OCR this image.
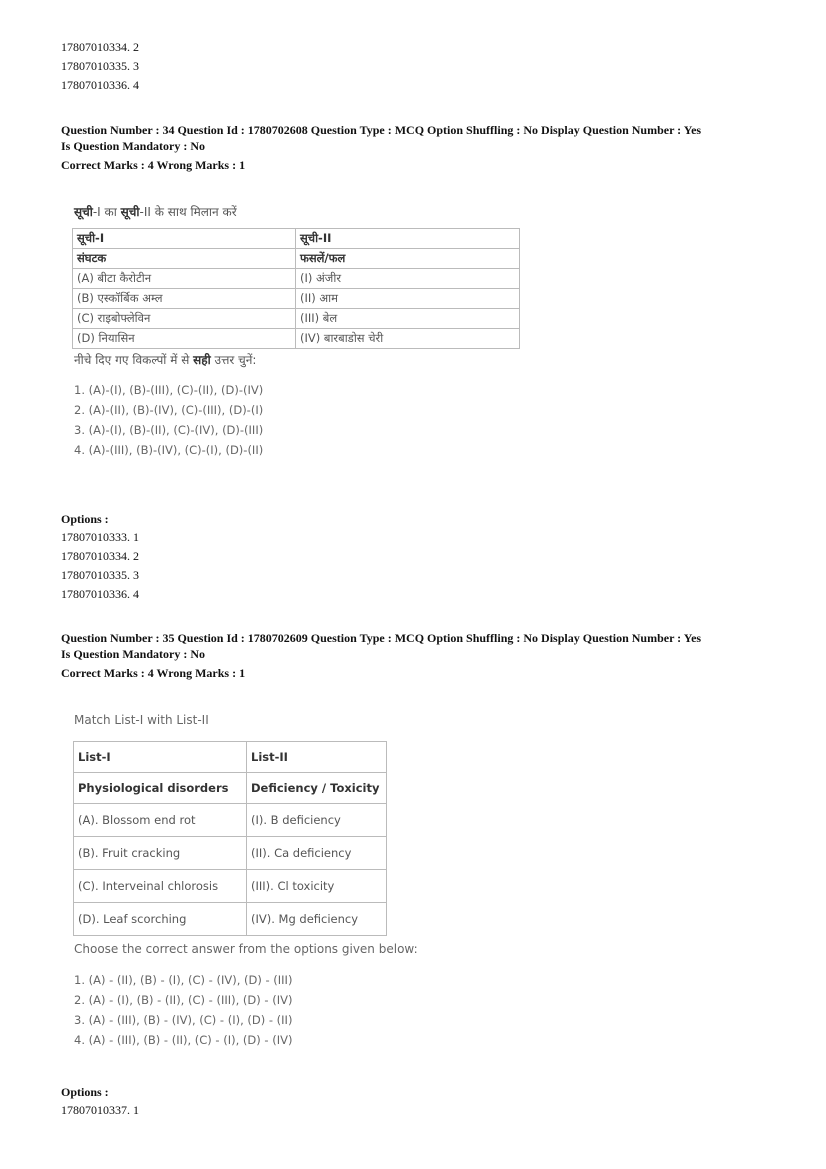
17807010334. 2
17807010335. 3
17807010336. 4
Question Number : 34 Question Id : 1780702608 Question Type : MCQ Option Shuffling : No Display Question Number : Yes
Is Question Mandatory : No
Correct Marks : 4 Wrong Marks : 1
सूची-I का सूची-II के साथ मिलान करें
सूची-I	सूची-II
संघटक	फसलें/फल
(A) बीटा कैरोटीन	(I) अंजीर
(B) एस्कॉर्बिक अम्ल	(II) आम
(C) राइबोफ्लेविन	(III) बेल
(D) नियासिन	(IV) बारबाडोस चेरी
नीचे दिए गए विकल्पों में से सही उत्तर चुनें:
1. (A)-(I), (B)-(III), (C)-(II), (D)-(IV)
2. (A)-(II), (B)-(IV), (C)-(III), (D)-(I)
3. (A)-(I), (B)-(II), (C)-(IV), (D)-(III)
4. (A)-(III), (B)-(IV), (C)-(I), (D)-(II)
Options :
17807010333. 1
17807010334. 2
17807010335. 3
17807010336. 4
Question Number : 35 Question Id : 1780702609 Question Type : MCQ Option Shuffling : No Display Question Number : Yes
Is Question Mandatory : No
Correct Marks : 4 Wrong Marks : 1
Match List-I with List-II
List-I	List-II
Physiological disorders	Deficiency / Toxicity
(A). Blossom end rot	(I). B deficiency
(B). Fruit cracking	(II). Ca deficiency
(C). Interveinal chlorosis	(III). Cl toxicity
(D). Leaf scorching	(IV). Mg deficiency
Choose the correct answer from the options given below:
1. (A) - (II), (B) - (I), (C) - (IV), (D) - (III)
2. (A) - (I), (B) - (II), (C) - (III), (D) - (IV)
3. (A) - (III), (B) - (IV), (C) - (I), (D) - (II)
4. (A) - (III), (B) - (II), (C) - (I), (D) - (IV)
Options :
17807010337. 1
